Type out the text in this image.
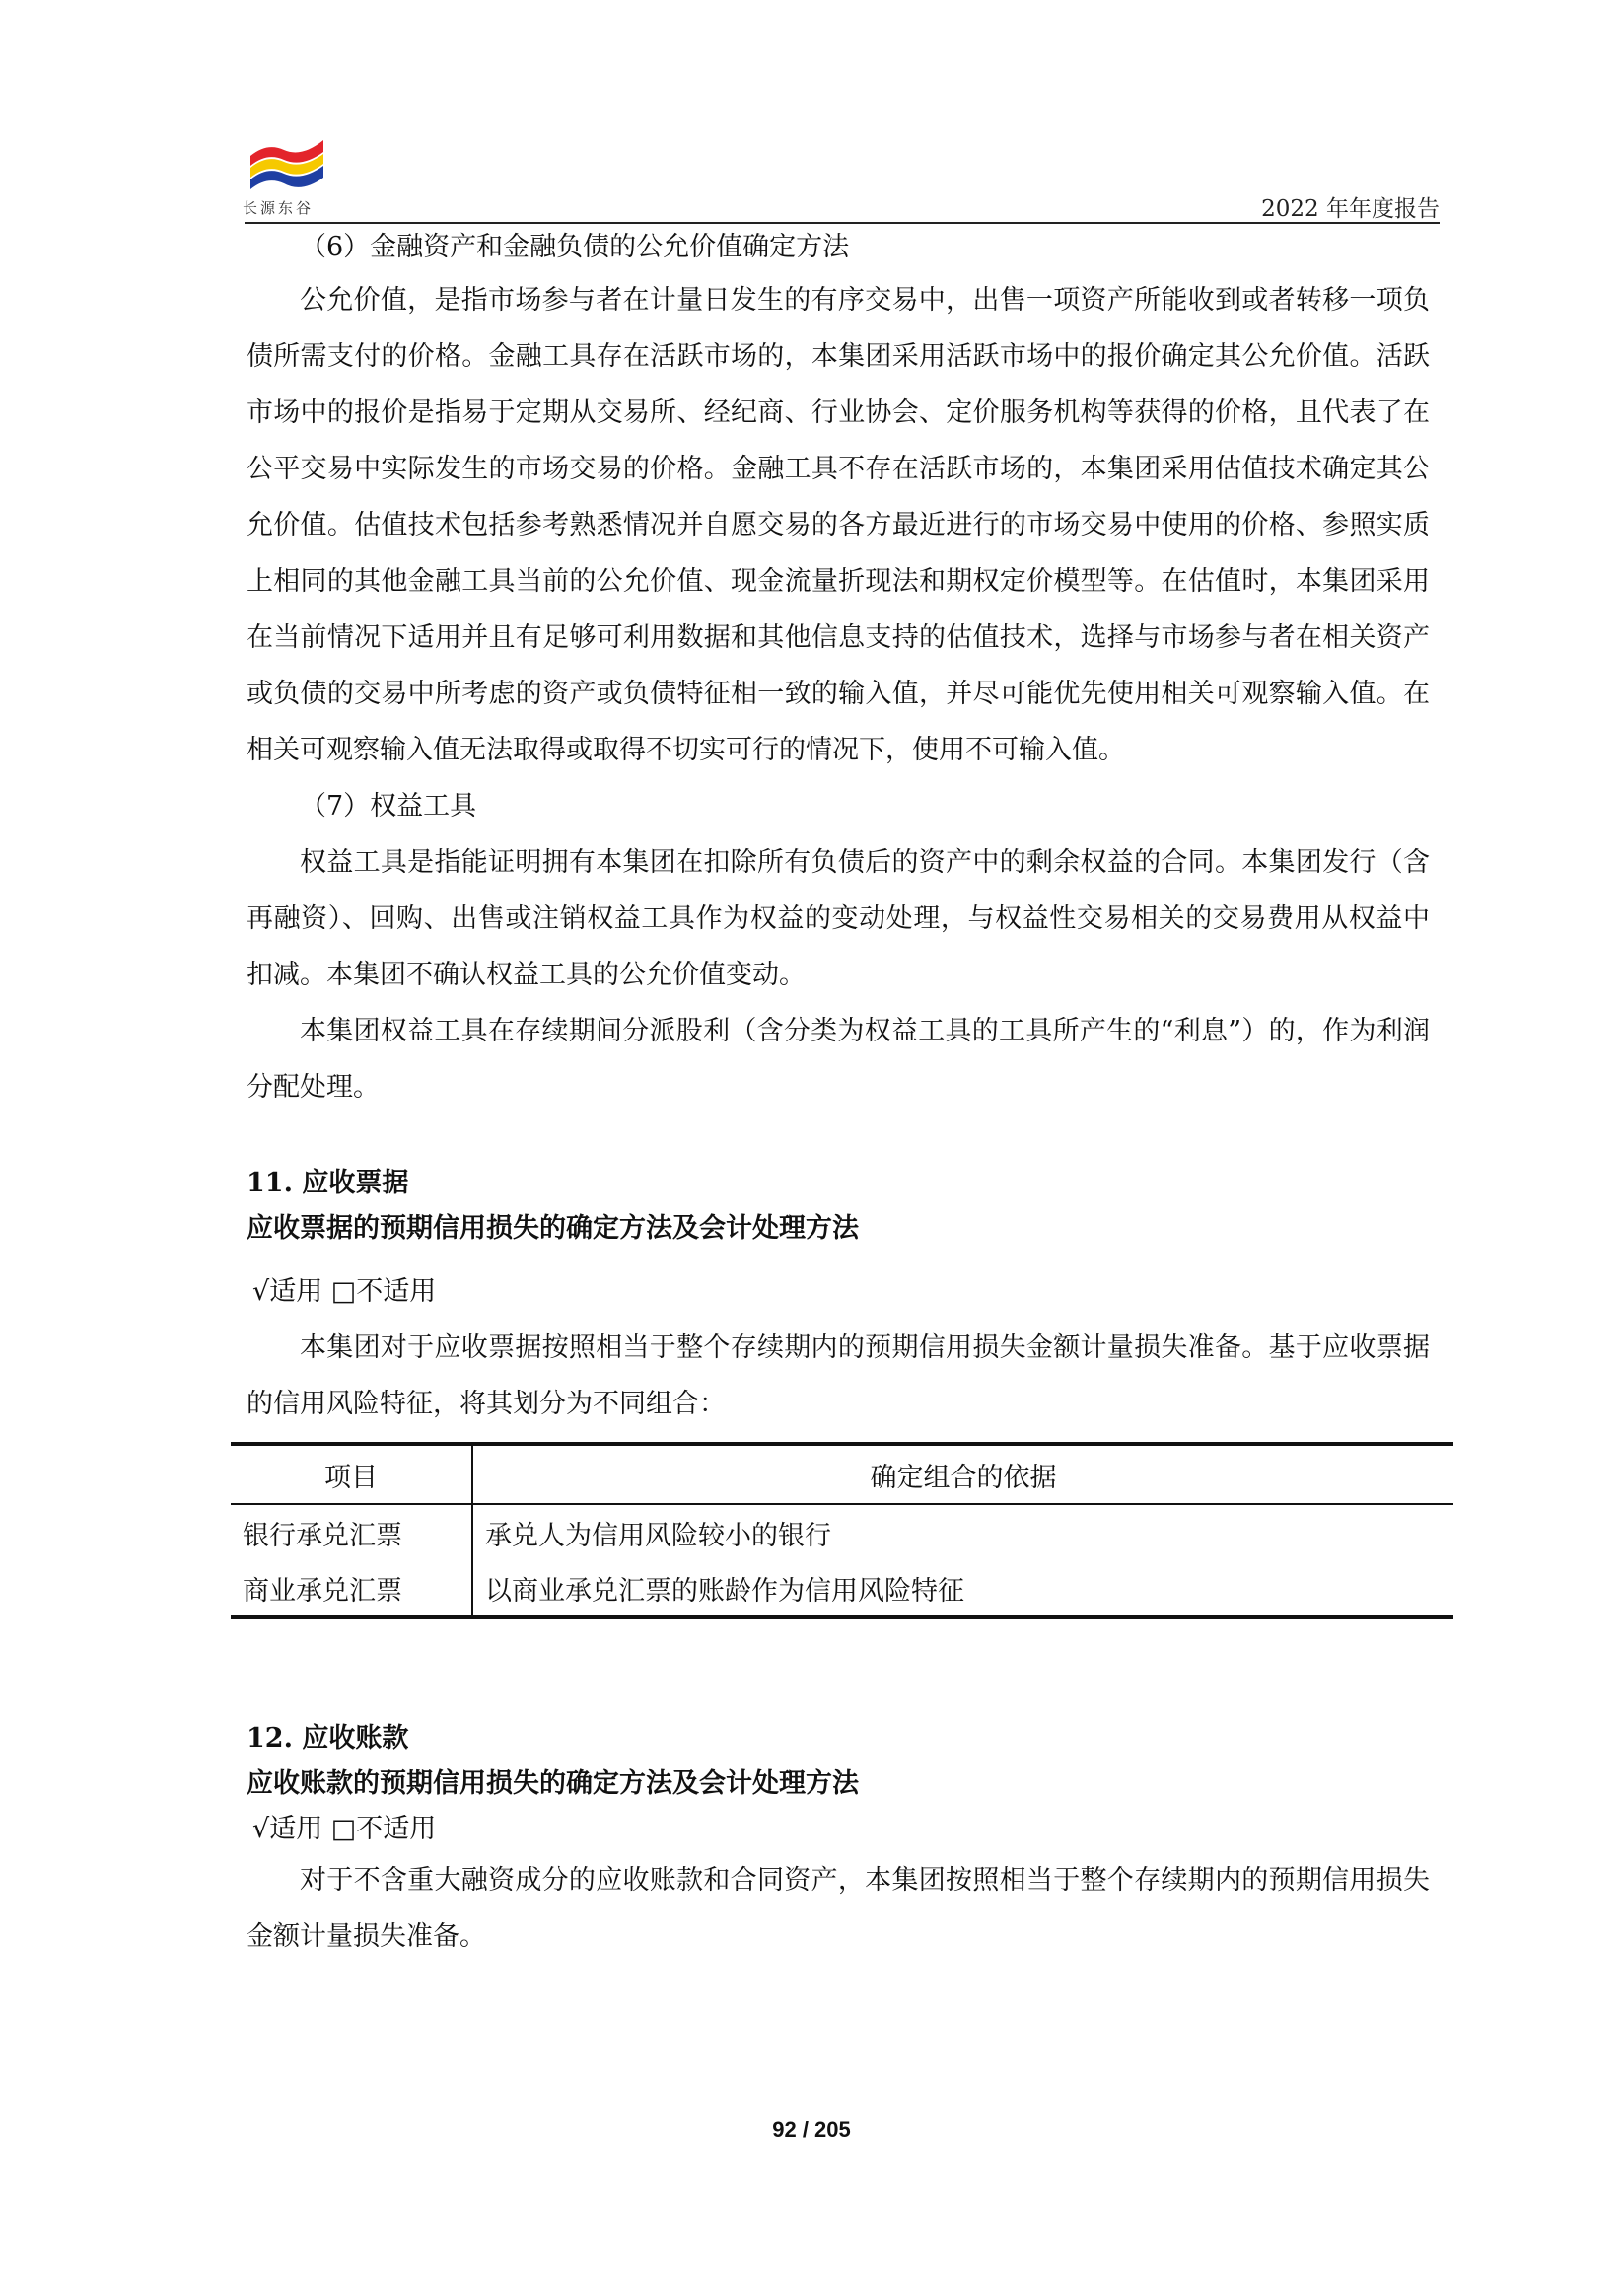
长源东谷	2022 年年度报告

（6）金融资产和金融负债的公允价值确定方法

公允价值，是指市场参与者在计量日发生的有序交易中，出售一项资产所能收到或者转移一项负债所需支付的价格。金融工具存在活跃市场的，本集团采用活跃市场中的报价确定其公允价值。活跃市场中的报价是指易于定期从交易所、经纪商、行业协会、定价服务机构等获得的价格，且代表了在公平交易中实际发生的市场交易的价格。金融工具不存在活跃市场的，本集团采用估值技术确定其公允价值。估值技术包括参考熟悉情况并自愿交易的各方最近进行的市场交易中使用的价格、参照实质上相同的其他金融工具当前的公允价值、现金流量折现法和期权定价模型等。在估值时，本集团采用在当前情况下适用并且有足够可利用数据和其他信息支持的估值技术，选择与市场参与者在相关资产或负债的交易中所考虑的资产或负债特征相一致的输入值，并尽可能优先使用相关可观察输入值。在相关可观察输入值无法取得或取得不切实可行的情况下，使用不可输入值。

（7）权益工具

权益工具是指能证明拥有本集团在扣除所有负债后的资产中的剩余权益的合同。本集团发行（含再融资）、回购、出售或注销权益工具作为权益的变动处理，与权益性交易相关的交易费用从权益中扣减。本集团不确认权益工具的公允价值变动。

本集团权益工具在存续期间分派股利（含分类为权益工具的工具所产生的“利息”）的，作为利润分配处理。

11. 应收票据

应收票据的预期信用损失的确定方法及会计处理方法

√适用 □不适用

本集团对于应收票据按照相当于整个存续期内的预期信用损失金额计量损失准备。基于应收票据的信用风险特征，将其划分为不同组合：

项目	确定组合的依据
银行承兑汇票	承兑人为信用风险较小的银行
商业承兑汇票	以商业承兑汇票的账龄作为信用风险特征

12. 应收账款

应收账款的预期信用损失的确定方法及会计处理方法

√适用 □不适用

对于不含重大融资成分的应收账款和合同资产，本集团按照相当于整个存续期内的预期信用损失金额计量损失准备。

92 / 205
